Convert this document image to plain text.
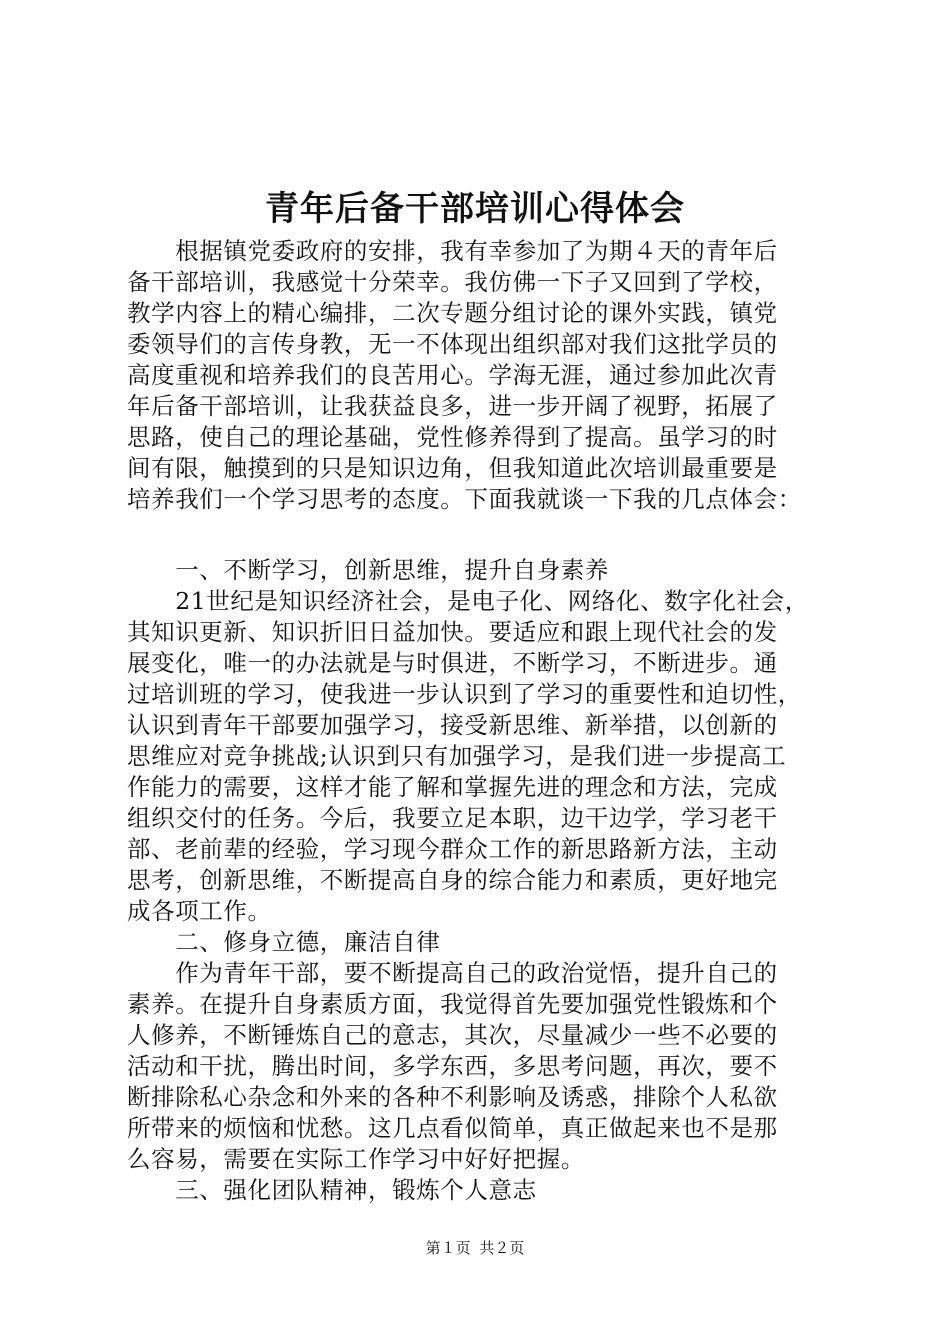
青年后备干部培训心得体会
　　根据镇党委政府的安排，我有幸参加了为期４天的青年后
备干部培训，我感觉十分荣幸。我仿佛一下子又回到了学校，
教学内容上的精心编排，二次专题分组讨论的课外实践，镇党
委领导们的言传身教，无一不体现出组织部对我们这批学员的
高度重视和培养我们的良苦用心。学海无涯，通过参加此次青
年后备干部培训，让我获益良多，进一步开阔了视野，拓展了
思路，使自己的理论基础，党性修养得到了提高。虽学习的时
间有限，触摸到的只是知识边角，但我知道此次培训最重要是
培养我们一个学习思考的态度。下面我就谈一下我的几点体会：
　　一、不断学习，创新思维，提升自身素养
　　21世纪是知识经济社会，是电子化、网络化、数字化社会，
其知识更新、知识折旧日益加快。要适应和跟上现代社会的发
展变化，唯一的办法就是与时俱进，不断学习，不断进步。通
过培训班的学习，使我进一步认识到了学习的重要性和迫切性，
认识到青年干部要加强学习，接受新思维、新举措，以创新的
思维应对竞争挑战;认识到只有加强学习，是我们进一步提高工
作能力的需要，这样才能了解和掌握先进的理念和方法，完成
组织交付的任务。今后，我要立足本职，边干边学，学习老干
部、老前辈的经验，学习现今群众工作的新思路新方法，主动
思考，创新思维，不断提高自身的综合能力和素质，更好地完
成各项工作。
　　二、修身立德，廉洁自律
　　作为青年干部，要不断提高自己的政治觉悟，提升自己的
素养。在提升自身素质方面，我觉得首先要加强党性锻炼和个
人修养，不断锤炼自己的意志，其次，尽量减少一些不必要的
活动和干扰，腾出时间，多学东西，多思考问题，再次，要不
断排除私心杂念和外来的各种不利影响及诱惑，排除个人私欲
所带来的烦恼和忧愁。这几点看似简单，真正做起来也不是那
么容易，需要在实际工作学习中好好把握。
　　三、强化团队精神，锻炼个人意志
第１页 共２页
